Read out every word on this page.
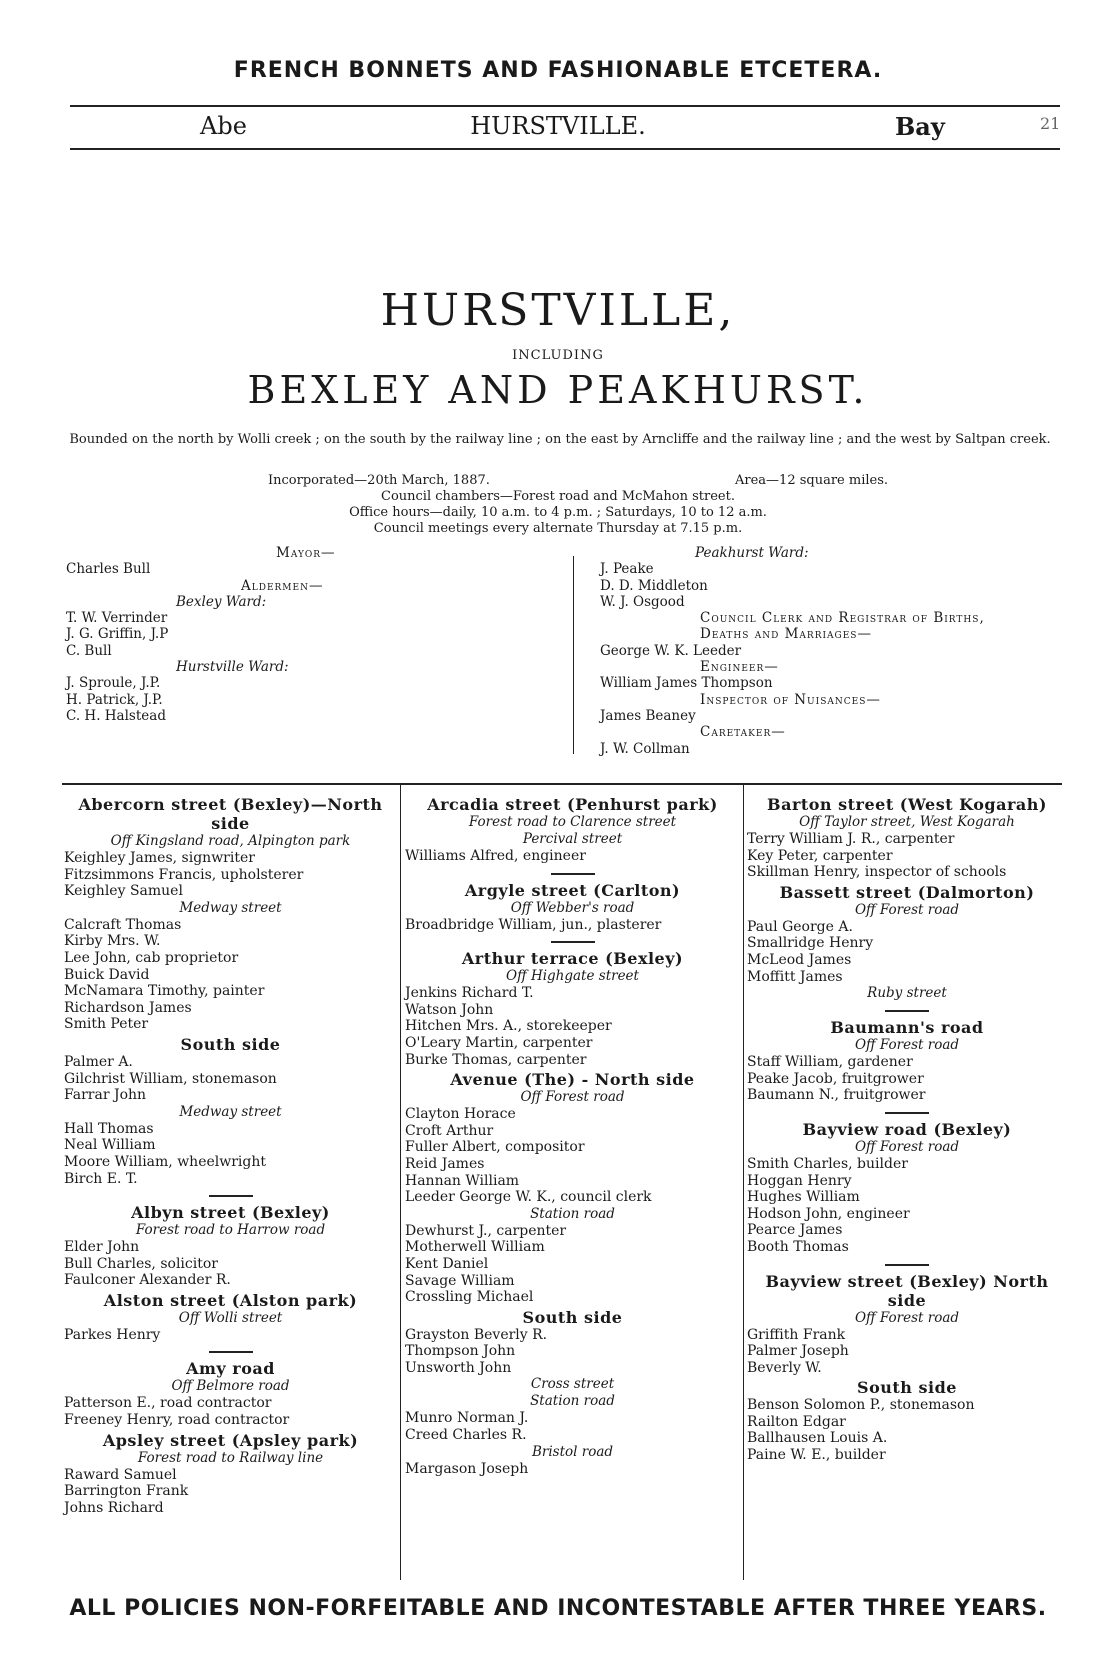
FRENCH BONNETS AND FASHIONABLE ETCETERA.
Abe	HURSTVILLE.	Bay	21
HURSTVILLE,
INCLUDING
BEXLEY AND PEAKHURST.
Bounded on the north by Wolli creek ; on the south by the railway line ; on the east by Arncliffe and the railway line ; and the west by Saltpan creek.
Incorporated—20th March, 1887.	Area—12 square miles.
Council chambers—Forest road and McMahon street.
Office hours—daily, 10 a.m. to 4 p.m. ; Saturdays, 10 to 12 a.m.
Council meetings every alternate Thursday at 7.15 p.m.
Mayor—
Charles Bull
Aldermen—
Bexley Ward:
T. W. Verrinder
J. G. Griffin, J.P
C. Bull
Hurstville Ward:
J. Sproule, J.P.
H. Patrick, J.P.
C. H. Halstead
Peakhurst Ward:
J. Peake
D. D. Middleton
W. J. Osgood
Council Clerk and Registrar of Births,
Deaths and Marriages—
George W. K. Leeder
Engineer—
William James Thompson
Inspector of Nuisances—
James Beaney
Caretaker—
J. W. Collman
Abercorn street (Bexley)—North side
Off Kingsland road, Alpington park
Keighley James, signwriter
Fitzsimmons Francis, upholsterer
Keighley Samuel
Medway street
Calcraft Thomas
Kirby Mrs. W.
Lee John, cab proprietor
Buick David
McNamara Timothy, painter
Richardson James
Smith Peter
South side
Palmer A.
Gilchrist William, stonemason
Farrar John
Medway street
Hall Thomas
Neal William
Moore William, wheelwright
Birch E. T.
Albyn street (Bexley)
Forest road to Harrow road
Elder John
Bull Charles, solicitor
Faulconer Alexander R.
Alston street (Alston park)
Off Wolli street
Parkes Henry
Amy road
Off Belmore road
Patterson E., road contractor
Freeney Henry, road contractor
Apsley street (Apsley park)
Forest road to Railway line
Raward Samuel
Barrington Frank
Johns Richard
Arcadia street (Penhurst park)
Forest road to Clarence street
Percival street
Williams Alfred, engineer
Argyle street (Carlton)
Off Webber's road
Broadbridge William, jun., plasterer
Arthur terrace (Bexley)
Off Highgate street
Jenkins Richard T.
Watson John
Hitchen Mrs. A., storekeeper
O'Leary Martin, carpenter
Burke Thomas, carpenter
Avenue (The) - North side
Off Forest road
Clayton Horace
Croft Arthur
Fuller Albert, compositor
Reid James
Hannan William
Leeder George W. K., council clerk
Station road
Dewhurst J., carpenter
Motherwell William
Kent Daniel
Savage William
Crossling Michael
South side
Grayston Beverly R.
Thompson John
Unsworth John
Cross street
Station road
Munro Norman J.
Creed Charles R.
Bristol road
Margason Joseph
Barton street (West Kogarah)
Off Taylor street, West Kogarah
Terry William J. R., carpenter
Key Peter, carpenter
Skillman Henry, inspector of schools
Bassett street (Dalmorton)
Off Forest road
Paul George A.
Smallridge Henry
McLeod James
Moffitt James
Ruby street
Baumann's road
Off Forest road
Staff William, gardener
Peake Jacob, fruitgrower
Baumann N., fruitgrower
Bayview road (Bexley)
Off Forest road
Smith Charles, builder
Hoggan Henry
Hughes William
Hodson John, engineer
Pearce James
Booth Thomas
Bayview street (Bexley) North side
Off Forest road
Griffith Frank
Palmer Joseph
Beverly W.
South side
Benson Solomon P., stonemason
Railton Edgar
Ballhausen Louis A.
Paine W. E., builder
ALL POLICIES NON-FORFEITABLE AND INCONTESTABLE AFTER THREE YEARS.
